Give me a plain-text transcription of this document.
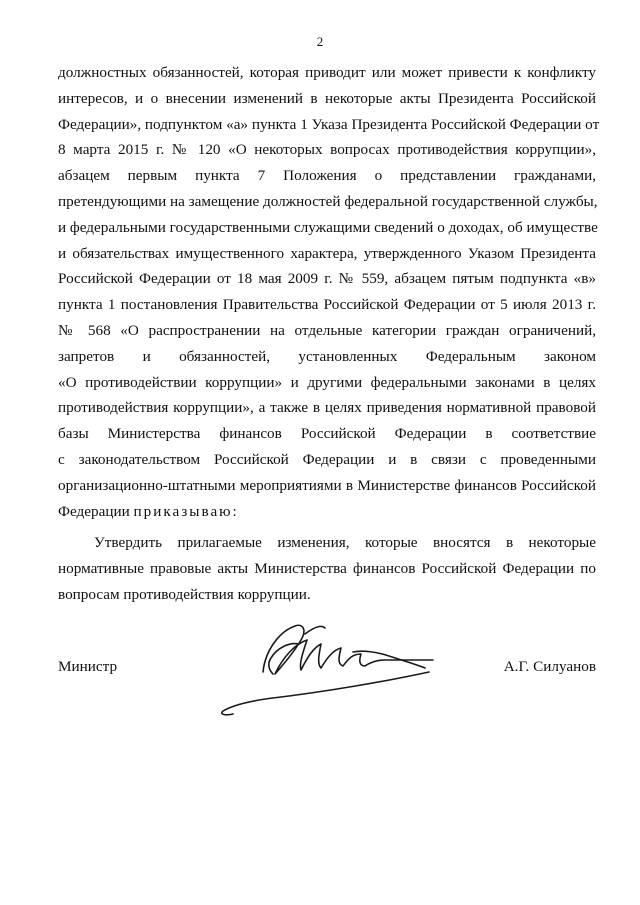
2
должностных обязанностей, которая приводит или может привести к конфликту
интересов, и о внесении изменений в некоторые акты Президента Российской
Федерации», подпунктом «а» пункта 1 Указа Президента Российской Федерации от
8 марта 2015 г. № 120 «О некоторых вопросах противодействия коррупции»,
абзацем первым пункта 7 Положения о представлении гражданами,
претендующими на замещение должностей федеральной государственной службы,
и федеральными государственными служащими сведений о доходах, об имуществе
и обязательствах имущественного характера, утвержденного Указом Президента
Российской Федерации от 18 мая 2009 г. № 559, абзацем пятым подпункта «в»
пункта 1 постановления Правительства Российской Федерации от 5 июля 2013 г.
№ 568 «О распространении на отдельные категории граждан ограничений,
запретов и обязанностей, установленных Федеральным законом
«О противодействии коррупции» и другими федеральными законами в целях
противодействия коррупции», а также в целях приведения нормативной правовой
базы Министерства финансов Российской Федерации в соответствие
с законодательством Российской Федерации и в связи с проведенными
организационно-штатными мероприятиями в Министерстве финансов Российской
Федерации приказываю:
Утвердить прилагаемые изменения, которые вносятся в некоторые
нормативные правовые акты Министерства финансов Российской Федерации по
вопросам противодействия коррупции.
Министр	А.Г. Силуанов
